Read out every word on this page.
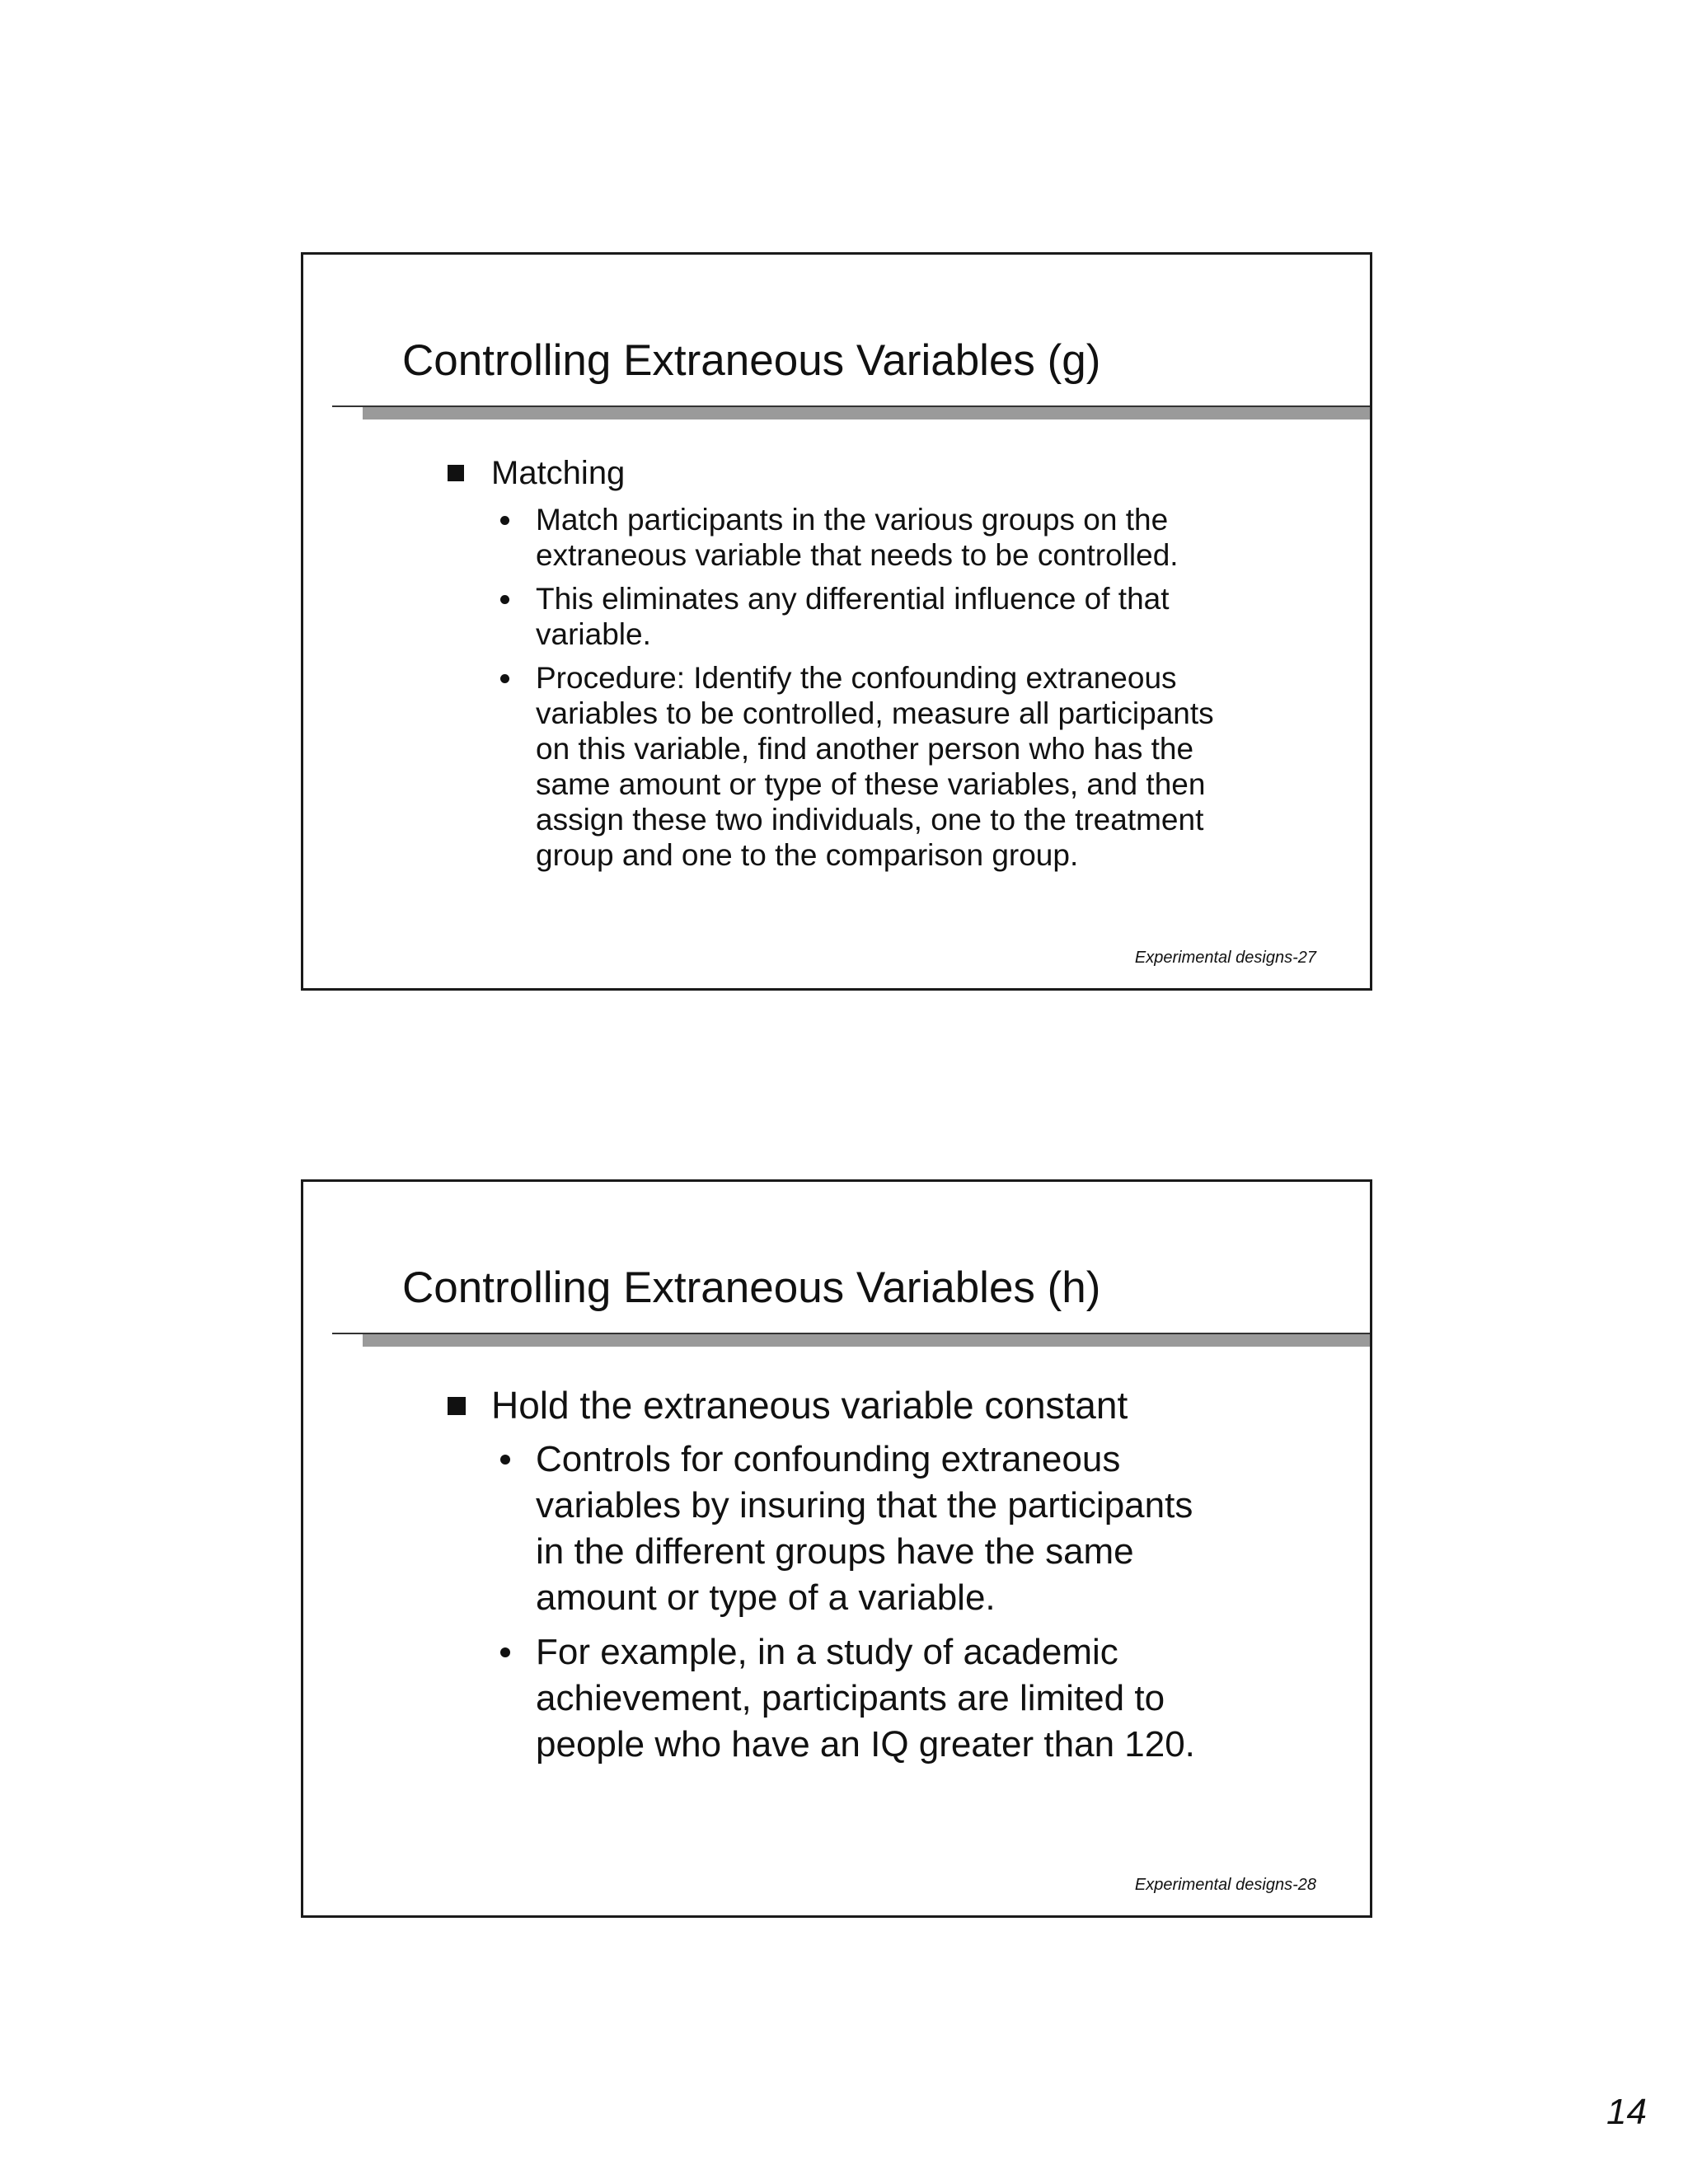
Controlling Extraneous Variables (g)
Matching
Match participants in the various groups on the
extraneous variable that needs to be controlled.
This eliminates any differential influence of that
variable.
Procedure: Identify the confounding extraneous
variables to be controlled, measure all participants
on this variable, find another person who has the
same amount or type of these variables, and then
assign these two individuals, one to the treatment
group and one to the comparison group.
Experimental designs-27
Controlling Extraneous Variables (h)
Hold the extraneous variable constant
Controls for confounding extraneous
variables by insuring that the participants
in the different groups have the same
amount or type of a variable.
For example, in a study of academic
achievement, participants are limited to
people who have an IQ greater than 120.
Experimental designs-28
14
